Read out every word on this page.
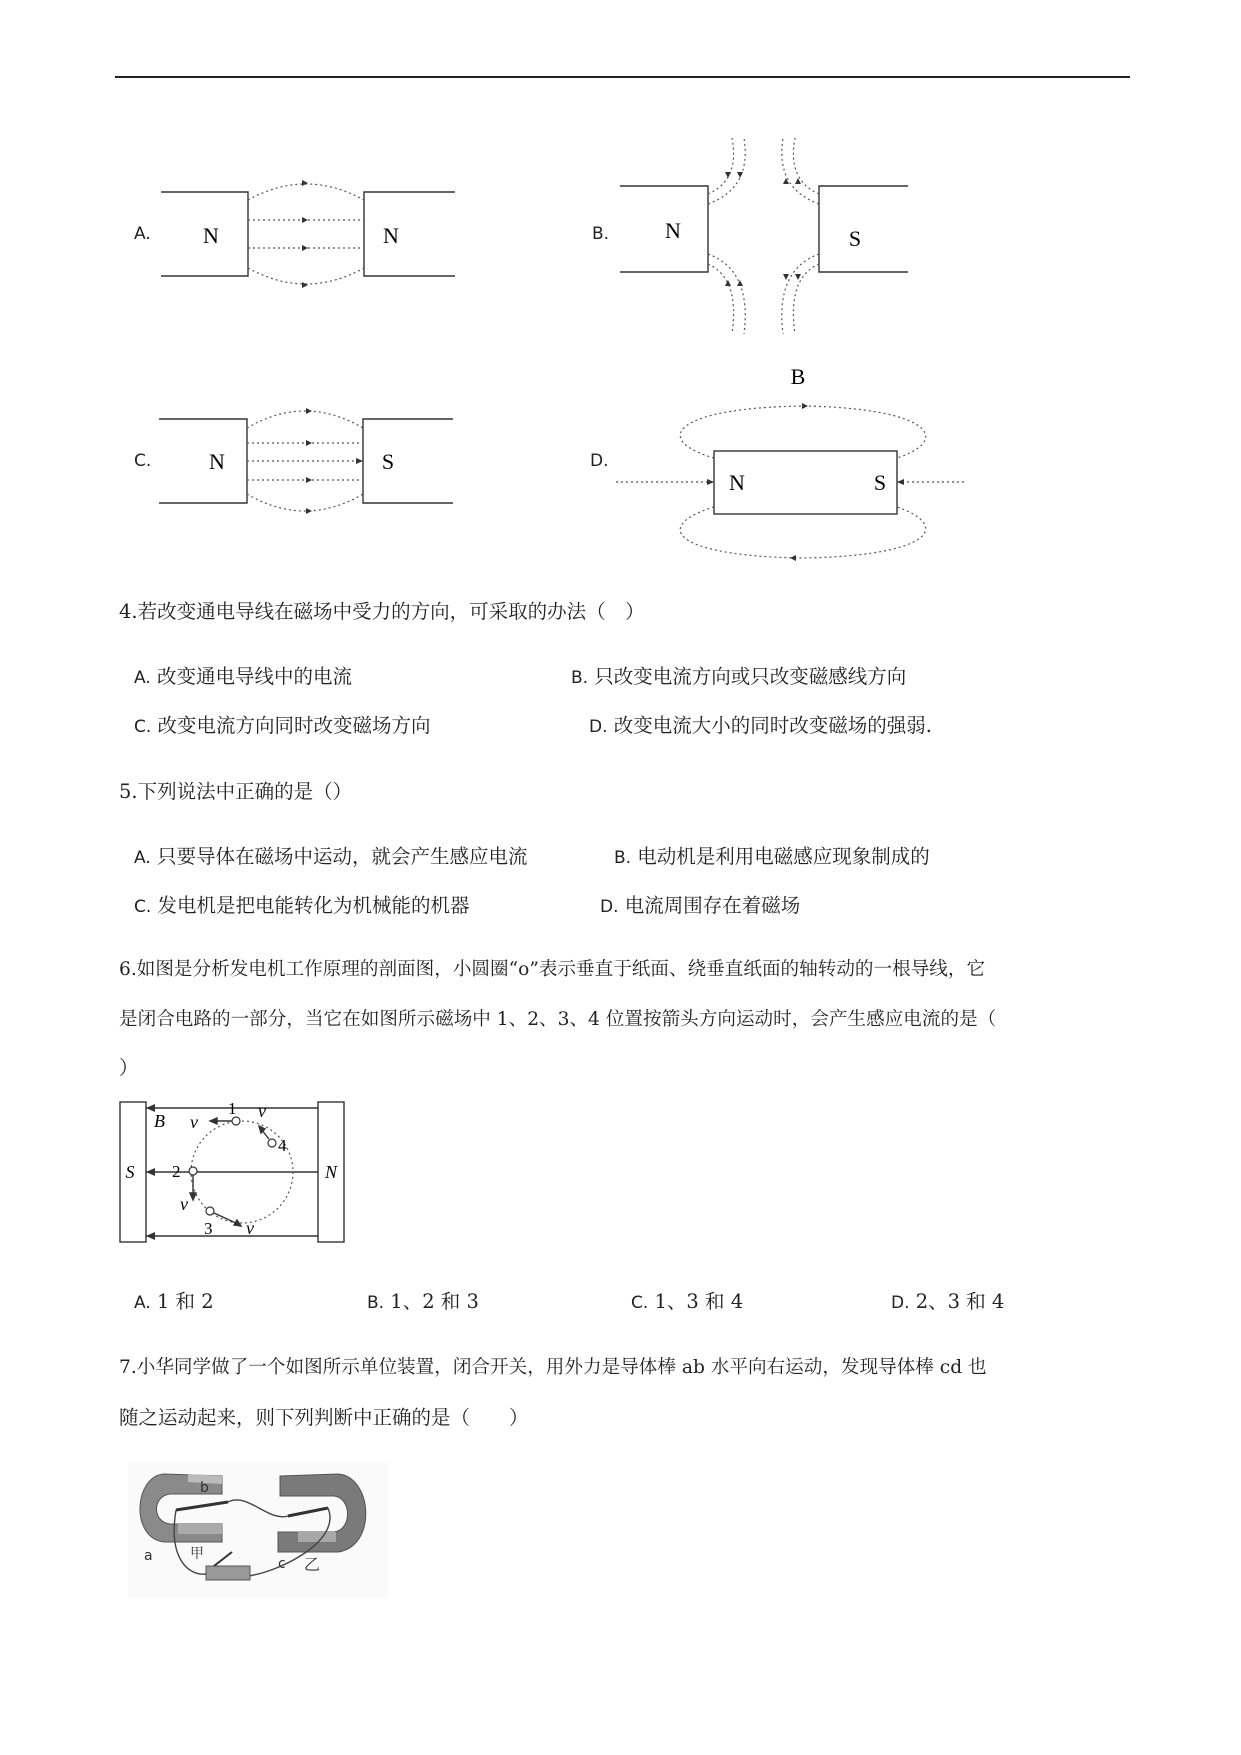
A. N	N	B.	N	S
C.	N	S	D.
B
N	S
4.若改变通电导线在磁场中受力的方向，可采取的办法（　）
A. 改变通电导线中的电流	B. 只改变电流方向或只改变磁感线方向
C. 改变电流方向同时改变磁场方向	D. 改变电流大小的同时改变磁场的强弱.
5.下列说法中正确的是（）
A. 只要导体在磁场中运动，就会产生感应电流	B. 电动机是利用电磁感应现象制成的
C. 发电机是把电能转化为机械能的机器	D. 电流周围存在着磁场
6.如图是分析发电机工作原理的剖面图，小圆圈“o”表示垂直于纸面、绕垂直纸面的轴转动的一根导线，它
是闭合电路的一部分，当它在如图所示磁场中 1、2、3、4 位置按箭头方向运动时，会产生感应电流的是（
）
S	N
B v
v
v
v
1
2
3
4
A. 1 和 2	B. 1、2 和 3	C. 1、3 和 4	D. 2、3 和 4
7.小华同学做了一个如图所示单位装置，闭合开关，用外力是导体棒 ab 水平向右运动，发现导体棒 cd 也
随之运动起来，则下列判断中正确的是（　　）
a
b
甲
c 乙
